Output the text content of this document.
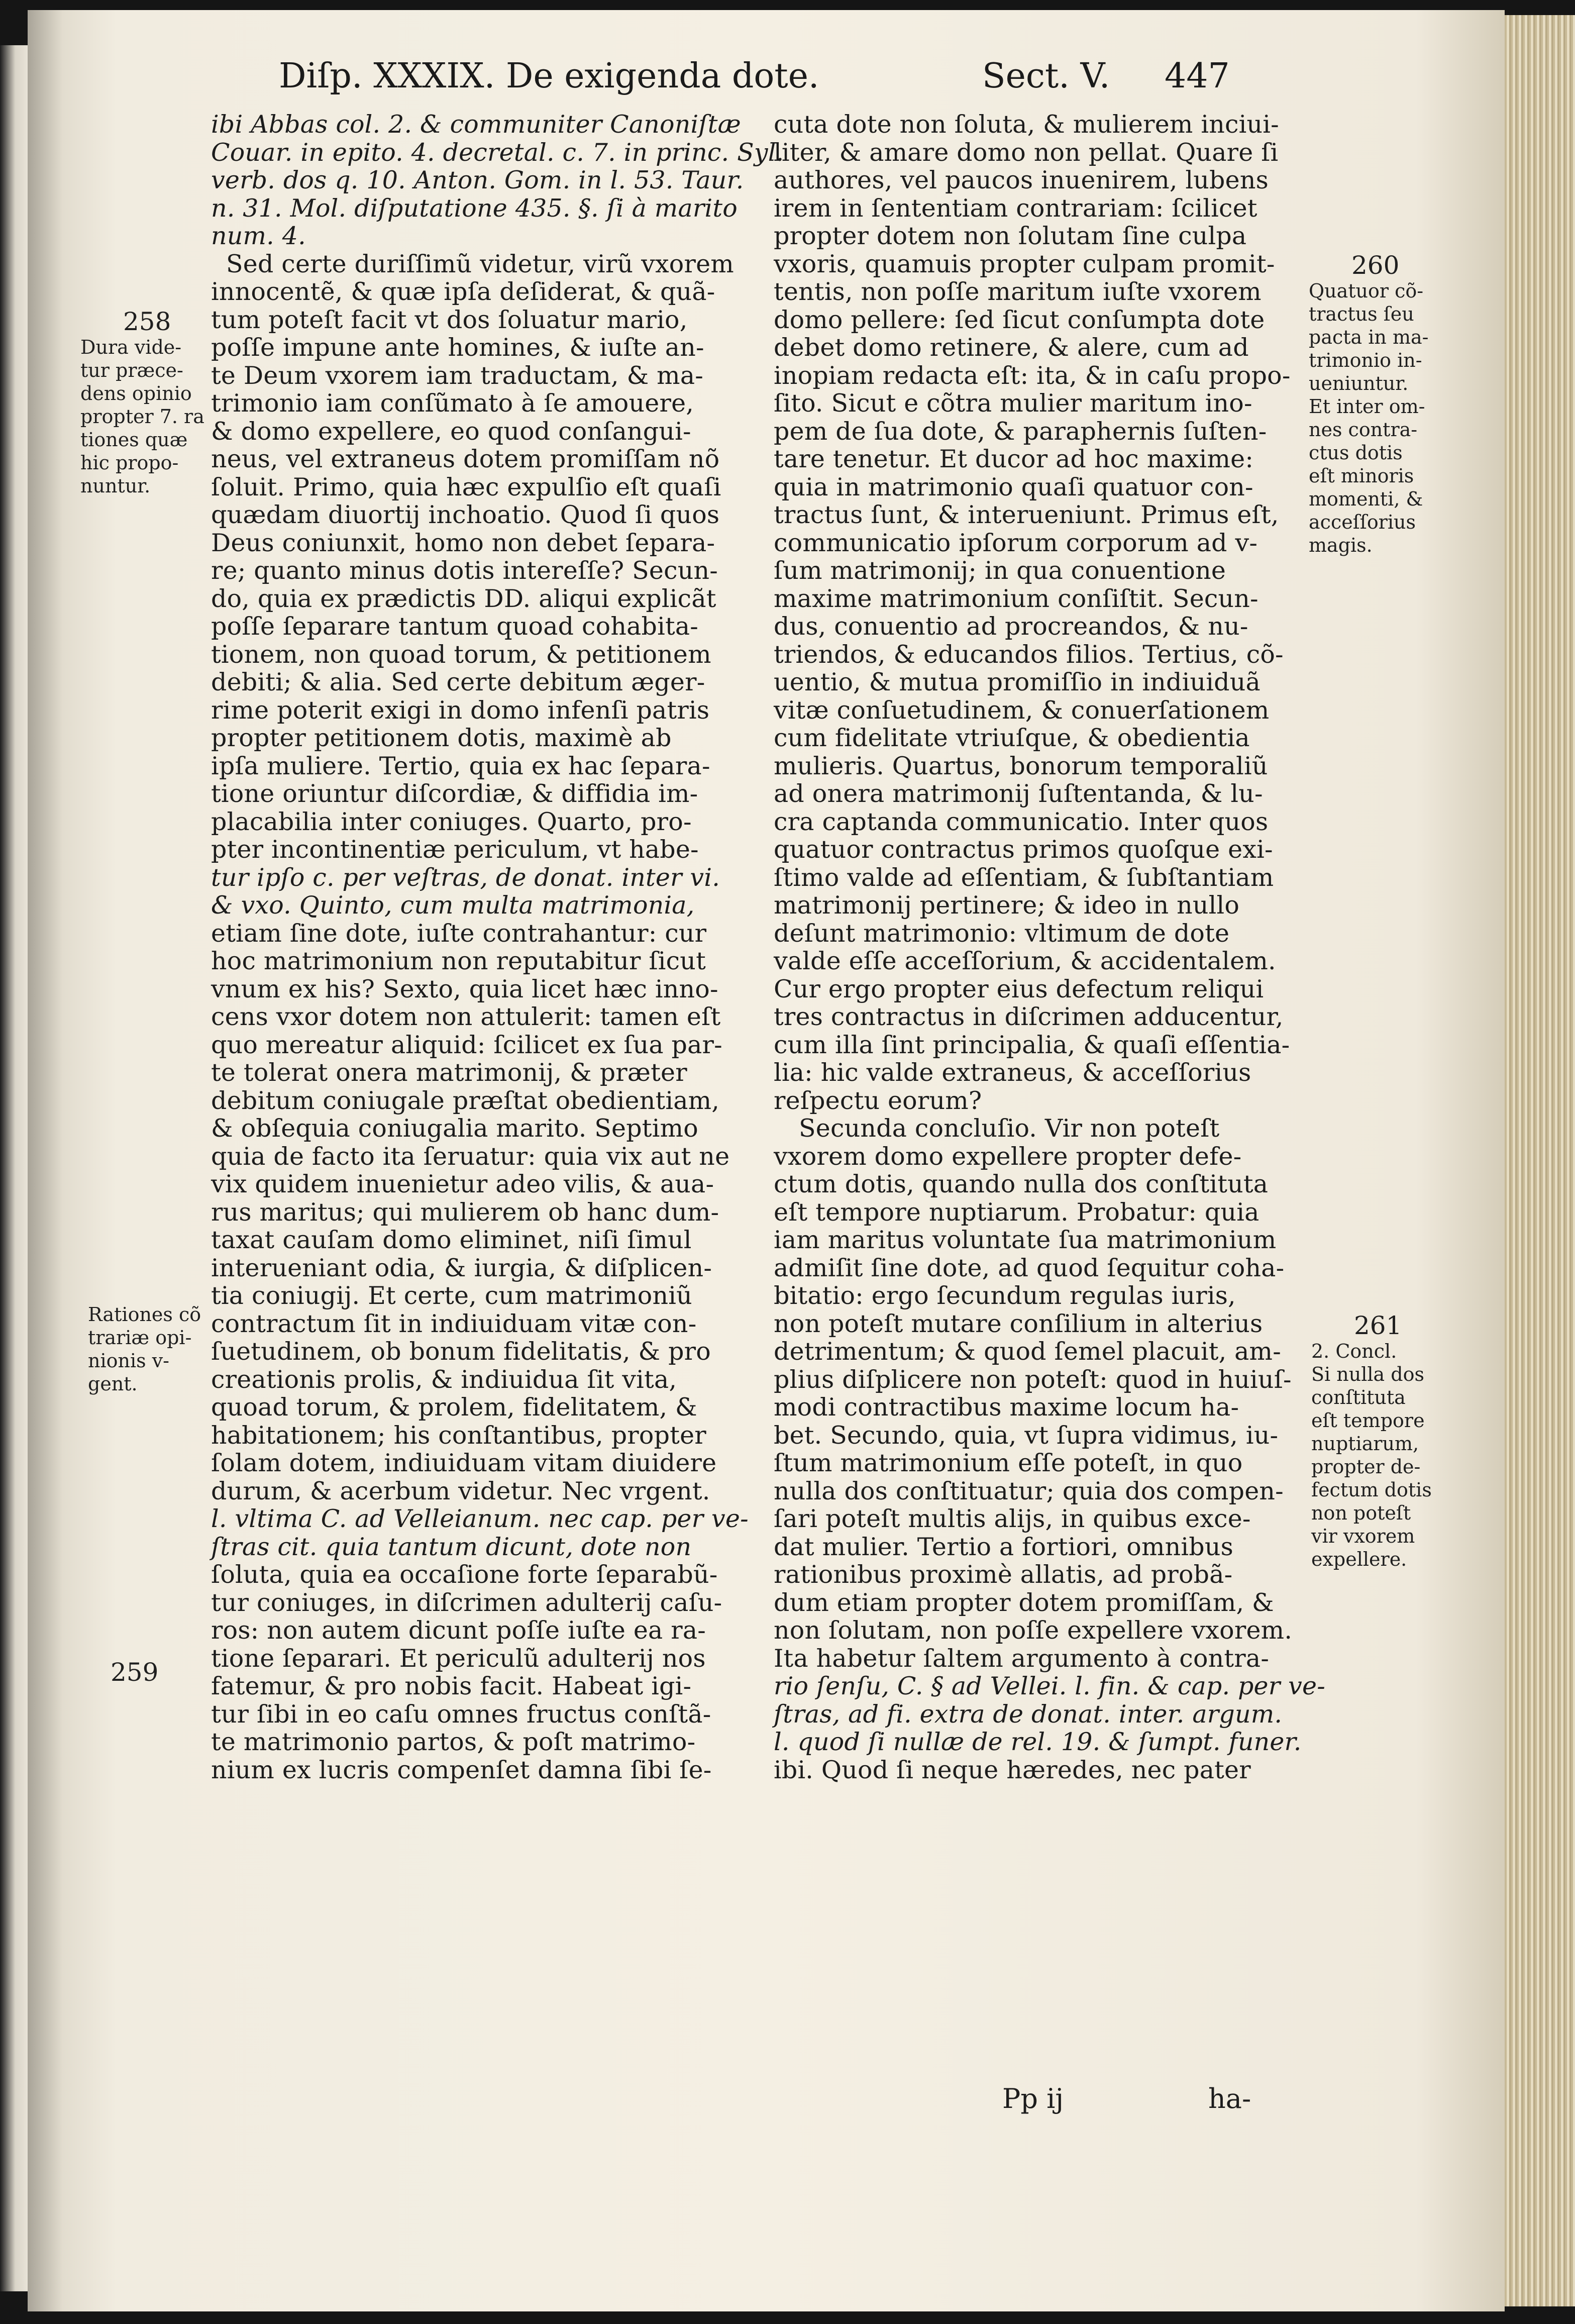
Diſp. XXXIX. De exigenda dote.	Sect. V. 447
ibi Abbas col. 2. & communiter Canoniſtæ
Couar. in epito. 4. decretal. c. 7. in princ. Syl.
verb. dos q. 10. Anton. Gom. in l. 53. Taur.
n. 31. Mol. diſputatione 435. §. ſi à marito
num. 4.
Sed certe duriſſimũ videtur, virũ vxorem
innocentẽ, & quæ ipſa deſiderat, & quã-
tum poteſt facit vt dos ſoluatur mario,
poſſe impune ante homines, & iuſte an-
te Deum vxorem iam traductam, & ma-
trimonio iam conſũmato à ſe amouere,
& domo expellere, eo quod conſangui-
neus, vel extraneus dotem promiſſam nõ
ſoluit. Primo, quia hæc expulſio eſt quaſi
quædam diuortij inchoatio. Quod ſi quos
Deus coniunxit, homo non debet ſepara-
re; quanto minus dotis intereſſe? Secun-
do, quia ex prædictis DD. aliqui explicãt
poſſe ſeparare tantum quoad cohabita-
tionem, non quoad torum, & petitionem
debiti; & alia. Sed certe debitum æger-
rime poterit exigi in domo infenſi patris
propter petitionem dotis, maximè ab
ipſa muliere. Tertio, quia ex hac ſepara-
tione oriuntur diſcordiæ, & diffidia im-
placabilia inter coniuges. Quarto, pro-
pter incontinentiæ periculum, vt habe-
tur ipſo c. per veſtras, de donat. inter vi.
& vxo. Quinto, cum multa matrimonia,
etiam ſine dote, iuſte contrahantur: cur
hoc matrimonium non reputabitur ſicut
vnum ex his? Sexto, quia licet hæc inno-
cens vxor dotem non attulerit: tamen eſt
quo mereatur aliquid: ſcilicet ex ſua par-
te tolerat onera matrimonij, & præter
debitum coniugale præſtat obedientiam,
& obſequia coniugalia marito. Septimo
quia de facto ita ſeruatur: quia vix aut ne
vix quidem inuenietur adeo vilis, & aua-
rus maritus; qui mulierem ob hanc dum-
taxat cauſam domo eliminet, niſi ſimul
interueniant odia, & iurgia, & diſplicen-
tia coniugij. Et certe, cum matrimoniũ
contractum ſit in indiuiduam vitæ con-
ſuetudinem, ob bonum fidelitatis, & pro
creationis prolis, & indiuidua ſit vita,
quoad torum, & prolem, fidelitatem, &
habitationem; his conſtantibus, propter
ſolam dotem, indiuiduam vitam diuidere
durum, & acerbum videtur. Nec vrgent.
l. vltima C. ad Velleianum. nec cap. per ve-
ſtras cit. quia tantum dicunt, dote non
ſoluta, quia ea occaſione forte ſeparabũ-
tur coniuges, in diſcrimen adulterij caſu-
ros: non autem dicunt poſſe iuſte ea ra-
tione ſeparari. Et periculũ adulterij nos
fatemur, & pro nobis facit. Habeat igi-
tur ſibi in eo caſu omnes fructus conſtã-
te matrimonio partos, & poſt matrimo-
nium ex lucris compenſet damna ſibi ſe-
cuta dote non ſoluta, & mulierem inciui-
liter, & amare domo non pellat. Quare ſi
authores, vel paucos inuenirem, lubens
irem in ſententiam contrariam: ſcilicet
propter dotem non ſolutam ſine culpa
vxoris, quamuis propter culpam promit-
tentis, non poſſe maritum iuſte vxorem
domo pellere: ſed ſicut conſumpta dote
debet domo retinere, & alere, cum ad
inopiam redacta eſt: ita, & in caſu propo-
ſito. Sicut e cõtra mulier maritum ino-
pem de ſua dote, & paraphernis ſuſten-
tare tenetur. Et ducor ad hoc maxime:
quia in matrimonio quaſi quatuor con-
tractus ſunt, & interueniunt. Primus eſt,
communicatio ipſorum corporum ad v-
ſum matrimonij; in qua conuentione
maxime matrimonium conſiſtit. Secun-
dus, conuentio ad procreandos, & nu-
triendos, & educandos filios. Tertius, cõ-
uentio, & mutua promiſſio in indiuiduã
vitæ conſuetudinem, & conuerſationem
cum fidelitate vtriuſque, & obedientia
mulieris. Quartus, bonorum temporaliũ
ad onera matrimonij ſuſtentanda, & lu-
cra captanda communicatio. Inter quos
quatuor contractus primos quoſque exi-
ſtimo valde ad eſſentiam, & ſubſtantiam
matrimonij pertinere; & ideo in nullo
deſunt matrimonio: vltimum de dote
valde eſſe acceſſorium, & accidentalem.
Cur ergo propter eius defectum reliqui
tres contractus in diſcrimen adducentur,
cum illa ſint principalia, & quaſi eſſentia-
lia: hic valde extraneus, & acceſſorius
reſpectu eorum?
Secunda concluſio. Vir non poteſt
vxorem domo expellere propter defe-
ctum dotis, quando nulla dos conſtituta
eſt tempore nuptiarum. Probatur: quia
iam maritus voluntate ſua matrimonium
admiſit ſine dote, ad quod ſequitur coha-
bitatio: ergo ſecundum regulas iuris,
non poteſt mutare conſilium in alterius
detrimentum; & quod ſemel placuit, am-
plius diſplicere non poteſt: quod in huiuſ-
modi contractibus maxime locum ha-
bet. Secundo, quia, vt ſupra vidimus, iu-
ſtum matrimonium eſſe poteſt, in quo
nulla dos conſtituatur; quia dos compen-
ſari poteſt multis alijs, in quibus exce-
dat mulier. Tertio a fortiori, omnibus
rationibus proximè allatis, ad probã-
dum etiam propter dotem promiſſam, &
non ſolutam, non poſſe expellere vxorem.
Ita habetur ſaltem argumento à contra-
rio ſenſu, C. § ad Vellei. l. fin. & cap. per ve-
ſtras, ad fi. extra de donat. inter. argum.
l. quod ſi nullæ de rel. 19. & ſumpt. funer.
ibi. Quod ſi neque hæredes, nec pater
258
Dura vide-
tur præce-
dens opinio
propter 7. ra
tiones quæ
hic propo-
nuntur.
Rationes cõ
trariæ opi-
nionis v-
gent.
259
260
Quatuor cõ-
tractus ſeu
pacta in ma-
trimonio in-
ueniuntur.
Et inter om-
nes contra-
ctus dotis
eſt minoris
momenti, &
acceſſorius
magis.
261
2. Concl.
Si nulla dos
conſtituta
eſt tempore
nuptiarum,
propter de-
fectum dotis
non poteſt
vir vxorem
expellere.
Pp ij	ha-
